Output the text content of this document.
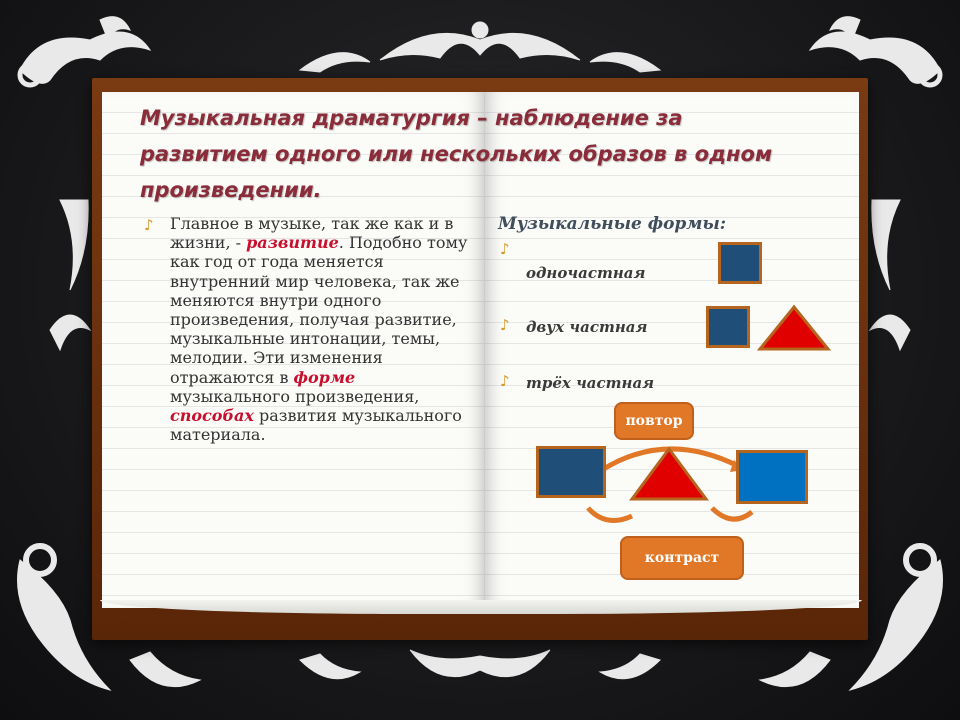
Музыкальная драматургия – наблюдение за развитием одного или нескольких образов в одном произведении.
♪ Главное в музыке, так же как и в жизни, - развитие. Подобно тому как год от года меняется внутренний мир человека, так же меняются внутри одного произведения, получая развитие, музыкальные интонации, темы, мелодии. Эти изменения отражаются в форме музыкального произведения, способах развития музыкального материала.
Музыкальные формы:
♪
одночастная
♪ двух частная
♪ трёх частная
повтор
контраст
